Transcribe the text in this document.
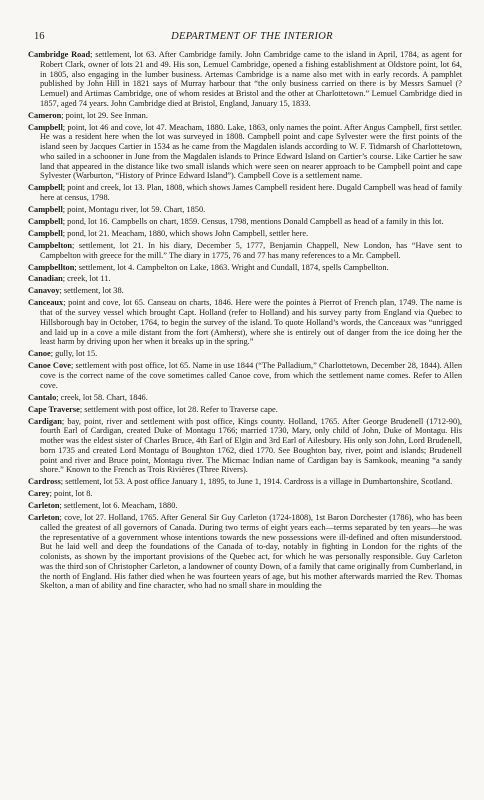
16	DEPARTMENT OF THE INTERIOR

Cambridge Road; settlement, lot 63. After Cambridge family. John Cambridge came to the island in April, 1784, as agent for Robert Clark, owner of lots 21 and 49. His son, Lemuel Cambridge, opened a fishing establishment at Oldstore point, lot 64, in 1805, also engaging in the lumber business. Artemas Cambridge is a name also met with in early records. A pamphlet published by John Hill in 1821 says of Murray harbour that “the only business carried on there is by Messrs Samuel (?Lemuel) and Artimas Cambridge, one of whom resides at Bristol and the other at Charlottetown.” Lemuel Cambridge died in 1857, aged 74 years. John Cambridge died at Bristol, England, January 15, 1833.

Cameron; point, lot 29. See Inman.

Campbell; point, lot 46 and cove, lot 47. Meacham, 1880. Lake, 1863, only names the point. After Angus Campbell, first settler. He was a resident here when the lot was surveyed in 1808. Campbell point and cape Sylvester were the first points of the island seen by Jacques Cartier in 1534 as he came from the Magdalen islands according to W. F. Tidmarsh of Charlottetown, who sailed in a schooner in June from the Magdalen islands to Prince Edward Island on Cartier’s course. Like Cartier he saw land that appeared in the distance like two small islands which were seen on nearer approach to be Campbell point and cape Sylvester (Warburton, “History of Prince Edward Island”). Campbell Cove is a settlement name.

Campbell; point and creek, lot 13. Plan, 1808, which shows James Campbell resident here. Dugald Campbell was head of family here at census, 1798.

Campbell; point, Montagu river, lot 59. Chart, 1850.

Campbell; pond, lot 16. Campbells on chart, 1859. Census, 1798, mentions Donald Campbell as head of a family in this lot.

Campbell; pond, lot 21. Meacham, 1880, which shows John Campbell, settler here.

Campbelton; settlement, lot 21. In his diary, December 5, 1777, Benjamin Chappell, New London, has “Have sent to Campbelton with greece for the mill.” The diary in 1775, 76 and 77 has many references to a Mr. Campbell.

Campbellton; settlement, lot 4. Campbelton on Lake, 1863. Wright and Cundall, 1874, spells Campbellton.

Canadian; creek, lot 11.

Canavoy; settlement, lot 38.

Canceaux; point and cove, lot 65. Canseau on charts, 1846. Here were the pointes à Pierrot of French plan, 1749. The name is that of the survey vessel which brought Capt. Holland (refer to Holland) and his survey party from England via Quebec to Hillsborough bay in October, 1764, to begin the survey of the island. To quote Holland’s words, the Canceaux was “unrigged and laid up in a cove a mile distant from the fort (Amherst), where she is entirely out of danger from the ice doing her the least harm by driving upon her when it breaks up in the spring.”

Canoe; gully, lot 15.

Canoe Cove; settlement with post office, lot 65. Name in use 1844 (“The Palladium,” Charlottetown, December 28, 1844). Allen cove is the correct name of the cove sometimes called Canoe cove, from which the settlement name comes. Refer to Allen cove.

Cantalo; creek, lot 58. Chart, 1846.

Cape Traverse; settlement with post office, lot 28. Refer to Traverse cape.

Cardigan; bay, point, river and settlement with post office, Kings county. Holland, 1765. After George Brudenell (1712-90), fourth Earl of Cardigan, created Duke of Montagu 1766; married 1730, Mary, only child of John, Duke of Montagu. His mother was the eldest sister of Charles Bruce, 4th Earl of Elgin and 3rd Earl of Ailesbury. His only son John, Lord Brudenell, born 1735 and created Lord Montagu of Boughton 1762, died 1770. See Boughton bay, river, point and islands; Brudenell point and river and Bruce point, Montagu river. The Micmac Indian name of Cardigan bay is Samkook, meaning “a sandy shore.” Known to the French as Trois Rivières (Three Rivers).

Cardross; settlement, lot 53. A post office January 1, 1895, to June 1, 1914. Cardross is a village in Dumbartonshire, Scotland.

Carey; point, lot 8.

Carleton; settlement, lot 6. Meacham, 1880.

Carleton; cove, lot 27. Holland, 1765. After General Sir Guy Carleton (1724-1808), 1st Baron Dorchester (1786), who has been called the greatest of all governors of Canada. During two terms of eight years each—terms separated by ten years—he was the representative of a government whose intentions towards the new possessions were ill-defined and often misunderstood. But he laid well and deep the foundations of the Canada of to-day, notably in fighting in London for the rights of the colonists, as shown by the important provisions of the Quebec act, for which he was personally responsible. Guy Carleton was the third son of Christopher Carleton, a landowner of county Down, of a family that came originally from Cumberland, in the north of England. His father died when he was fourteen years of age, but his mother afterwards married the Rev. Thomas Skelton, a man of ability and fine character, who had no small share in moulding the
